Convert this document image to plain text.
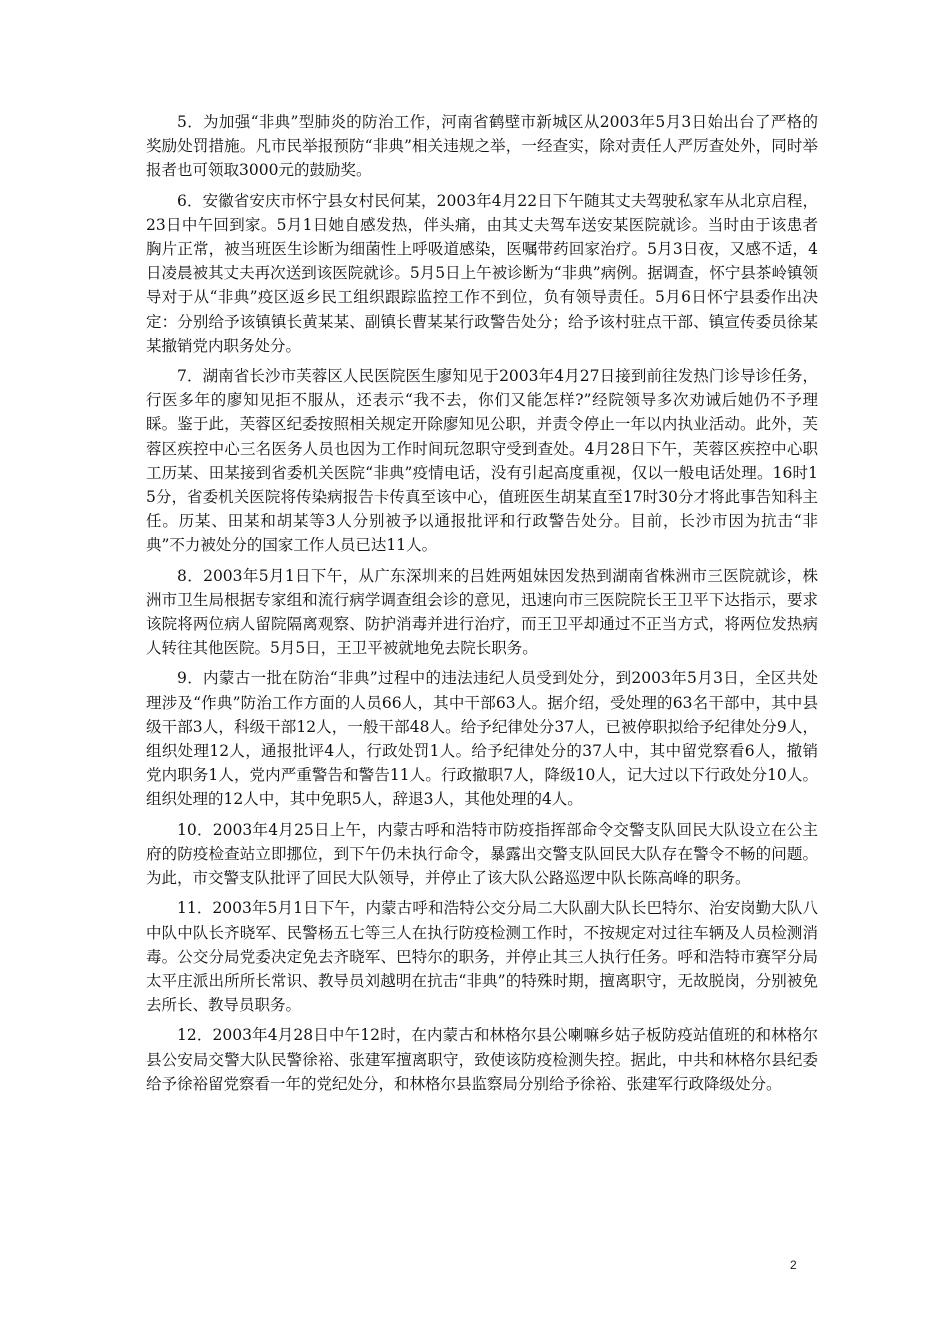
5．为加强“非典”型肺炎的防治工作，河南省鹤壁市新城区从2003年5月3日始出台了严格的奖励处罚措施。凡市民举报预防“非典”相关违规之举，一经查实，除对责任人严厉查处外，同时举报者也可领取3000元的鼓励奖。

6．安徽省安庆市怀宁县女村民何某，2003年4月22日下午随其丈夫驾驶私家车从北京启程，23日中午回到家。5月1日她自感发热，伴头痛，由其丈夫驾车送安某医院就诊。当时由于该患者胸片正常，被当班医生诊断为细菌性上呼吸道感染，医嘱带药回家治疗。5月3日夜，又感不适，4日凌晨被其丈夫再次送到该医院就诊。5月5日上午被诊断为“非典”病例。据调查，怀宁县茶岭镇领导对于从“非典”疫区返乡民工组织跟踪监控工作不到位，负有领导责任。5月6日怀宁县委作出决定：分别给予该镇镇长黄某某、副镇长曹某某行政警告处分；给予该村驻点干部、镇宣传委员徐某某撤销党内职务处分。

7．湖南省长沙市芙蓉区人民医院医生廖知见于2003年4月27日接到前往发热门诊导诊任务，行医多年的廖知见拒不服从，还表示“我不去，你们又能怎样?”经院领导多次劝诫后她仍不予理睬。鉴于此，芙蓉区纪委按照相关规定开除廖知见公职，并责令停止一年以内执业活动。此外，芙蓉区疾控中心三名医务人员也因为工作时间玩忽职守受到查处。4月28日下午，芙蓉区疾控中心职工历某、田某接到省委机关医院“非典”疫情电话，没有引起高度重视，仅以一般电话处理。16时15分，省委机关医院将传染病报告卡传真至该中心，值班医生胡某直至17时30分才将此事告知科主任。历某、田某和胡某等3人分别被予以通报批评和行政警告处分。目前，长沙市因为抗击“非典”不力被处分的国家工作人员已达11人。

8．2003年5月1日下午，从广东深圳来的吕姓两姐妹因发热到湖南省株洲市三医院就诊，株洲市卫生局根据专家组和流行病学调查组会诊的意见，迅速向市三医院院长王卫平下达指示，要求该院将两位病人留院隔离观察、防护消毒并进行治疗，而王卫平却通过不正当方式，将两位发热病人转往其他医院。5月5日，王卫平被就地免去院长职务。

9．内蒙古一批在防治“非典”过程中的违法违纪人员受到处分，到2003年5月3日，全区共处理涉及“作典”防治工作方面的人员66人，其中干部63人。据介绍，受处理的63名干部中，其中县级干部3人，科级干部12人，一般干部48人。给予纪律处分37人，已被停职拟给予纪律处分9人，组织处理12人，通报批评4人，行政处罚1人。给予纪律处分的37人中，其中留党察看6人，撤销党内职务1人，党内严重警告和警告11人。行政撤职7人，降级10人，记大过以下行政处分10人。组织处理的12人中，其中免职5人，辞退3人，其他处理的4人。

10．2003年4月25日上午，内蒙古呼和浩特市防疫指挥部命令交警支队回民大队设立在公主府的防疫检查站立即挪位，到下午仍未执行命令，暴露出交警支队回民大队存在警令不畅的问题。为此，市交警支队批评了回民大队领导，并停止了该大队公路巡逻中队长陈高峰的职务。

11．2003年5月1日下午，内蒙古呼和浩特公交分局二大队副大队长巴特尔、治安岗勤大队八中队中队长齐晓军、民警杨五七等三人在执行防疫检测工作时，不按规定对过往车辆及人员检测消毒。公交分局党委决定免去齐晓军、巴特尔的职务，并停止其三人执行任务。呼和浩特市赛罕分局太平庄派出所所长常识、教导员刘越明在抗击“非典”的特殊时期，擅离职守，无故脱岗，分别被免去所长、教导员职务。

12．2003年4月28日中午12时，在内蒙古和林格尔县公喇嘛乡姑子板防疫站值班的和林格尔县公安局交警大队民警徐裕、张建军擅离职守，致使该防疫检测失控。据此，中共和林格尔县纪委给予徐裕留党察看一年的党纪处分，和林格尔县监察局分别给予徐裕、张建军行政降级处分。

2
